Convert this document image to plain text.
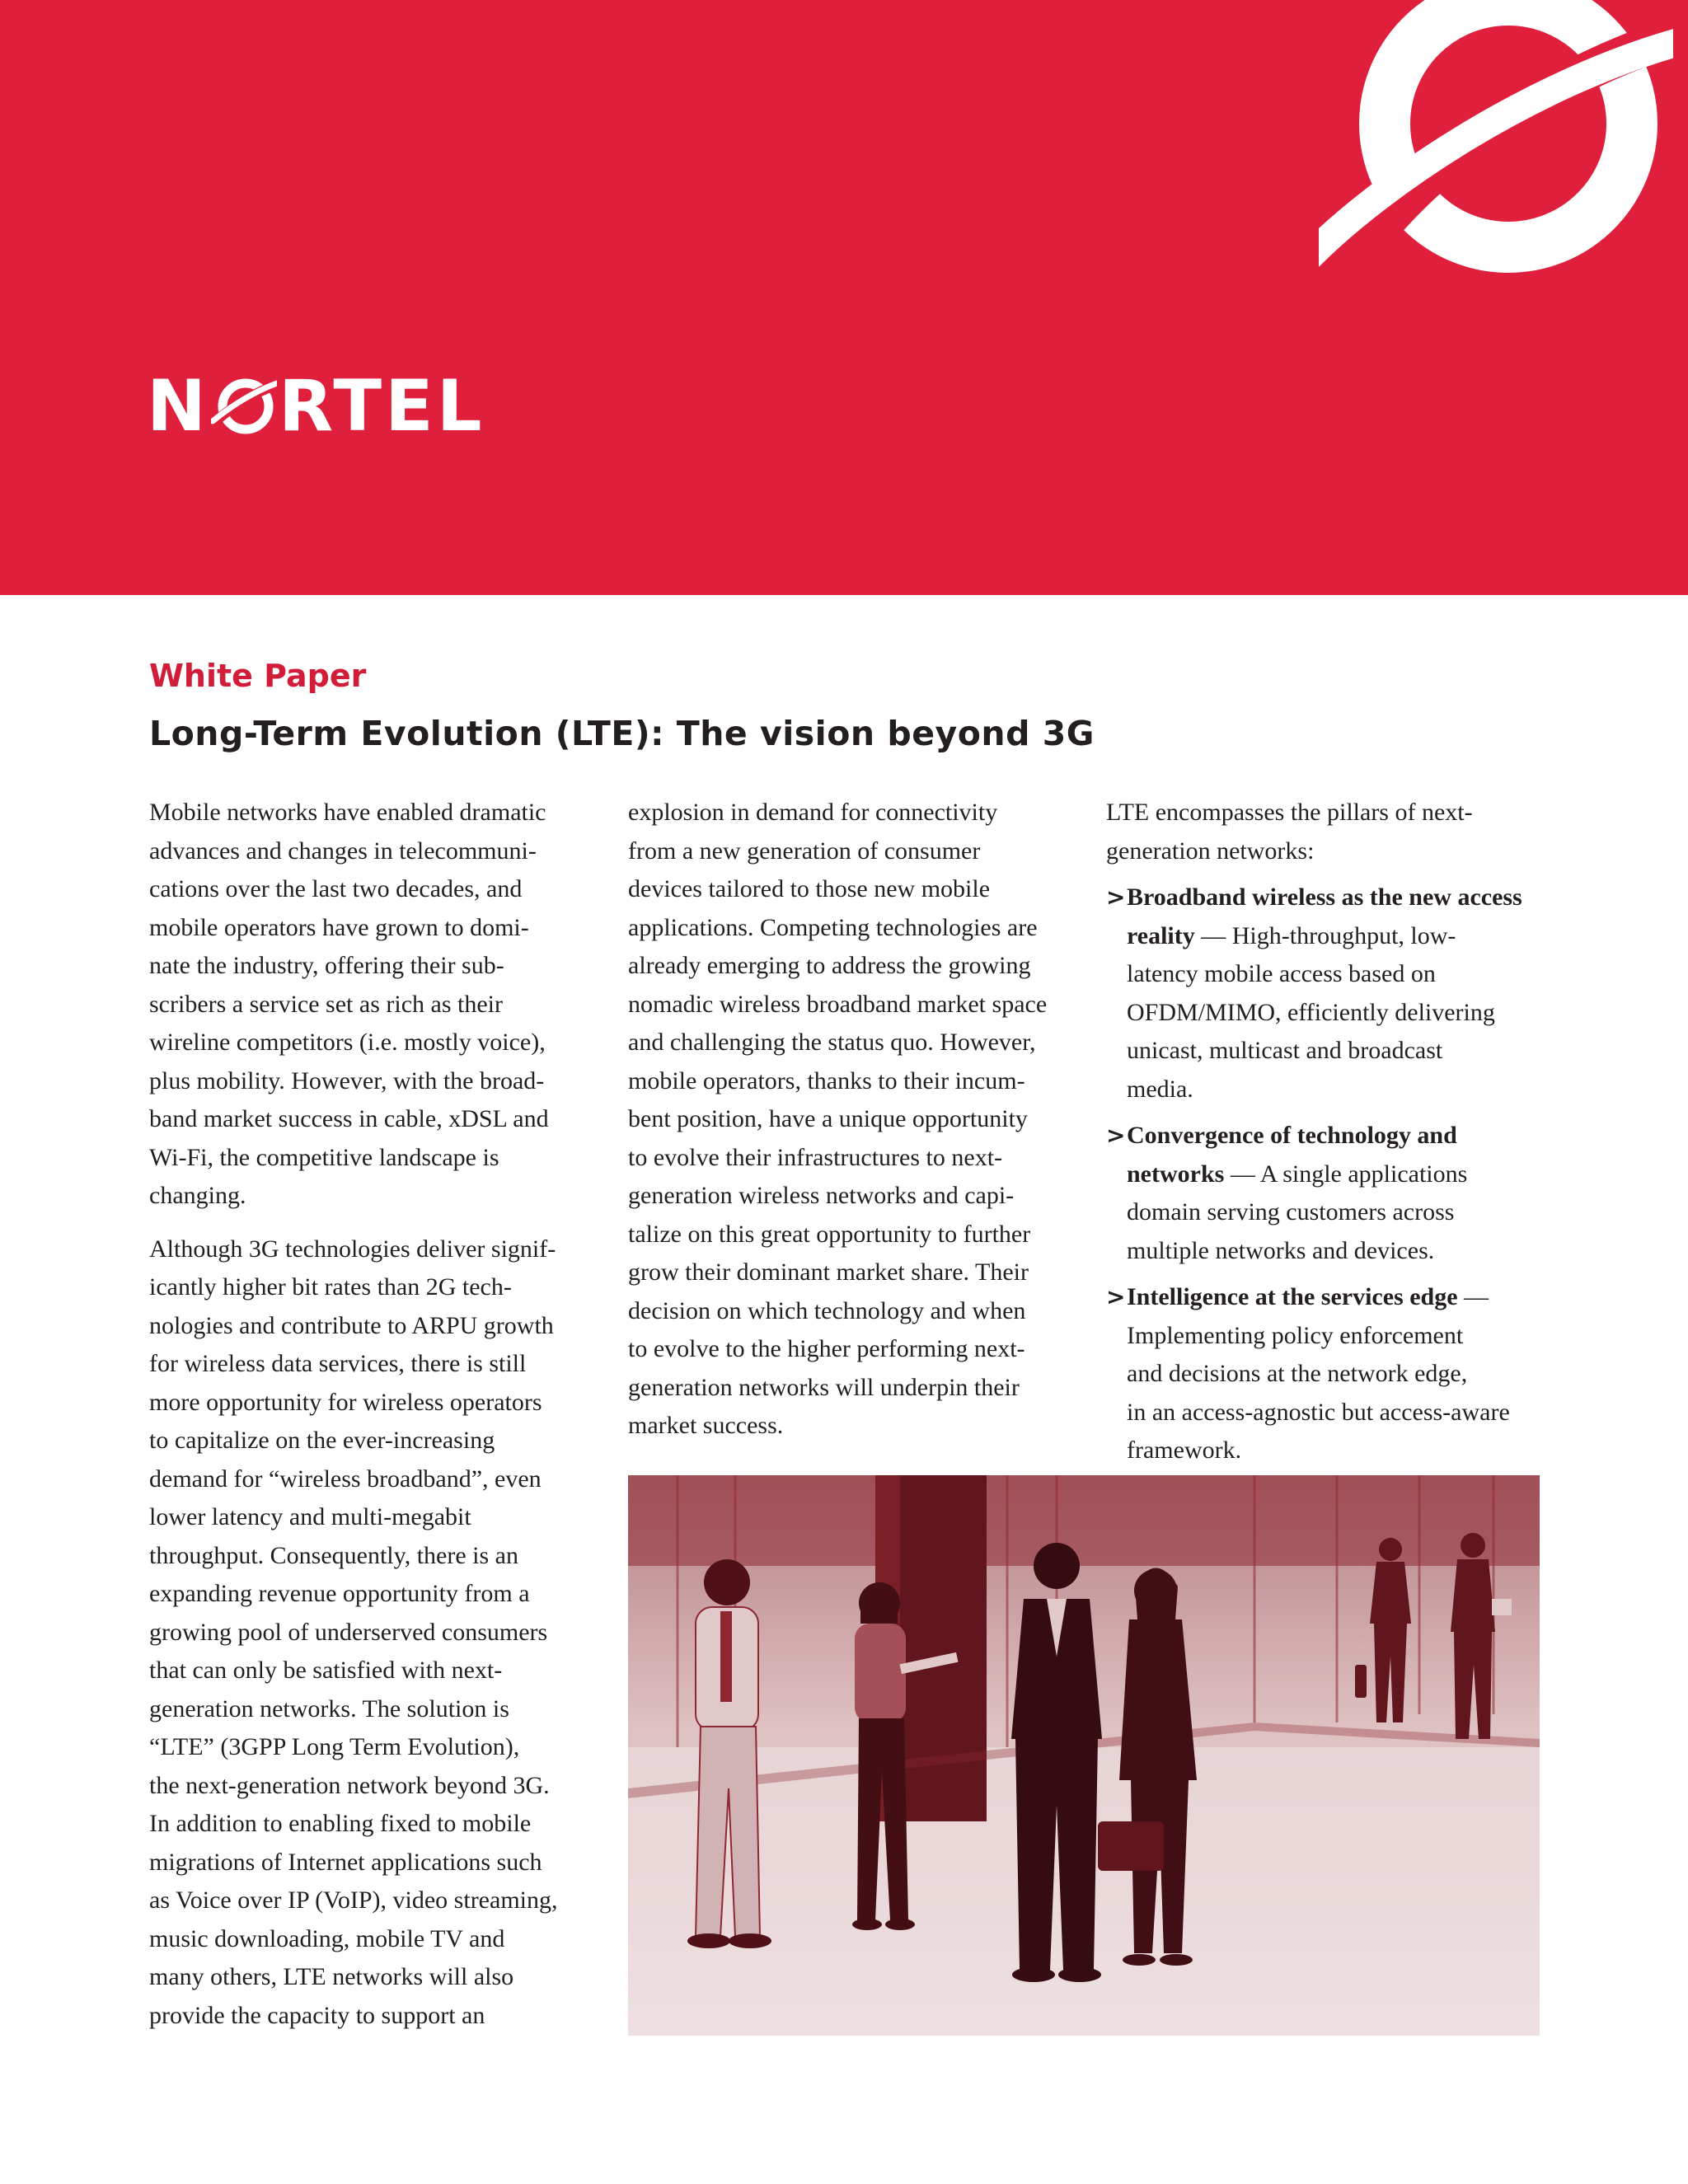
N RTEL
White Paper
Long-Term Evolution (LTE): The vision beyond 3G
Mobile networks have enabled dramatic
advances and changes in telecommuni-
cations over the last two decades, and
mobile operators have grown to domi-
nate the industry, offering their sub-
scribers a service set as rich as their
wireline competitors (i.e. mostly voice),
plus mobility. However, with the broad-
band market success in cable, xDSL and
Wi-Fi, the competitive landscape is
changing.
Although 3G technologies deliver signif-
icantly higher bit rates than 2G tech-
nologies and contribute to ARPU growth
for wireless data services, there is still
more opportunity for wireless operators
to capitalize on the ever-increasing
demand for “wireless broadband”, even
lower latency and multi-megabit
throughput. Consequently, there is an
expanding revenue opportunity from a
growing pool of underserved consumers
that can only be satisfied with next-
generation networks. The solution is
“LTE” (3GPP Long Term Evolution),
the next-generation network beyond 3G.
In addition to enabling fixed to mobile
migrations of Internet applications such
as Voice over IP (VoIP), video streaming,
music downloading, mobile TV and
many others, LTE networks will also
provide the capacity to support an
explosion in demand for connectivity
from a new generation of consumer
devices tailored to those new mobile
applications. Competing technologies are
already emerging to address the growing
nomadic wireless broadband market space
and challenging the status quo. However,
mobile operators, thanks to their incum-
bent position, have a unique opportunity
to evolve their infrastructures to next-
generation wireless networks and capi-
talize on this great opportunity to further
grow their dominant market share. Their
decision on which technology and when
to evolve to the higher performing next-
generation networks will underpin their
market success.
LTE encompasses the pillars of next-
generation networks:
> Broadband wireless as the new access
reality — High-throughput, low-
latency mobile access based on
OFDM/MIMO, efficiently delivering
unicast, multicast and broadcast
media.
> Convergence of technology and
networks — A single applications
domain serving customers across
multiple networks and devices.
> Intelligence at the services edge —
Implementing policy enforcement
and decisions at the network edge,
in an access-agnostic but access-aware
framework.
